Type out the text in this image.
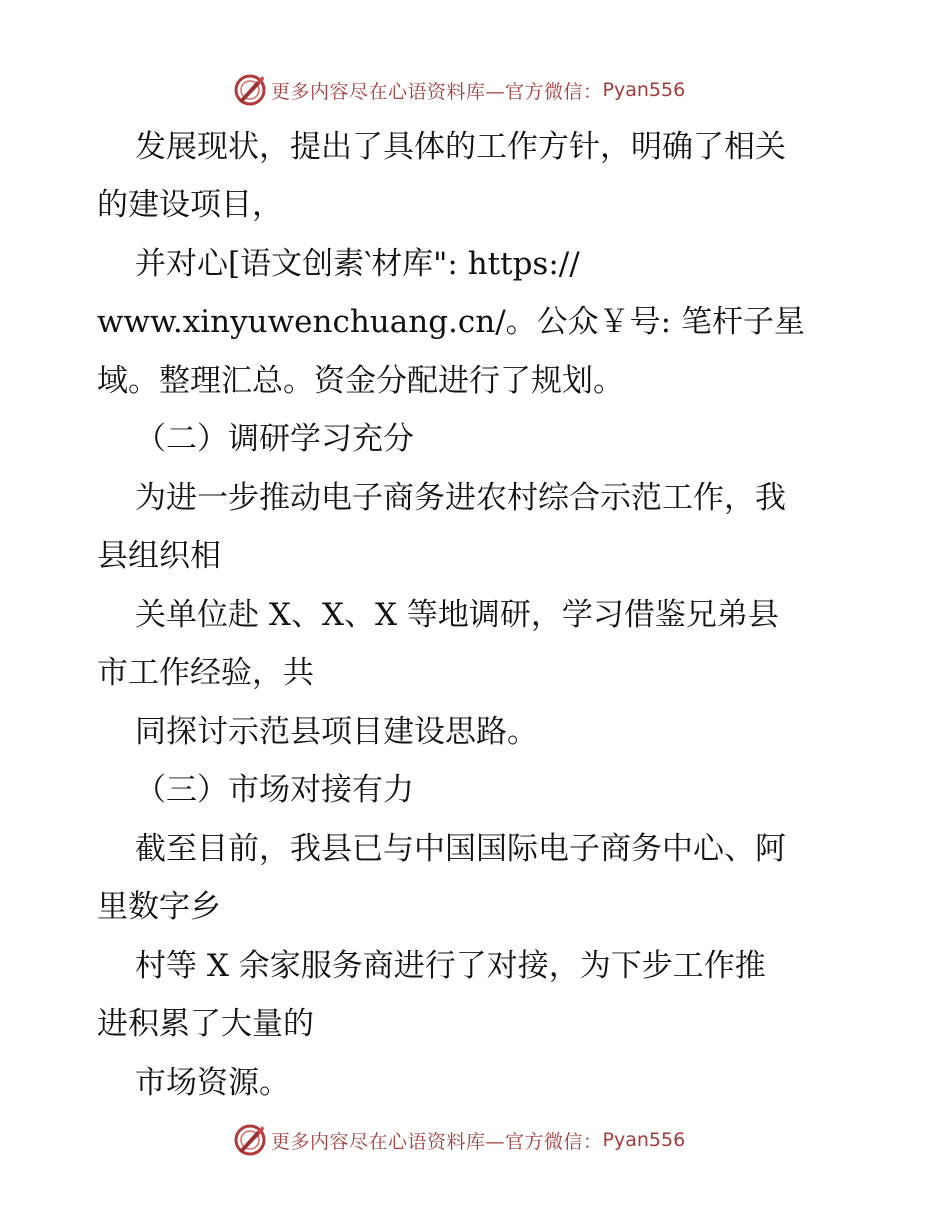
更多内容尽在心语资料库—官方微信： Pyan556
发展现状，提出了具体的工作方针，明确了相关
的建设项目，
并对心[语文创素‵材库": https://
www.xinyuwenchuang.cn/。公众￥号: 笔杆子星
域。整理汇总。资金分配进行了规划。
（二）调研学习充分
为进一步推动电子商务进农村综合示范工作，我
县组织相
关单位赴 X、X、X 等地调研，学习借鉴兄弟县
市工作经验，共
同探讨示范县项目建设思路。
（三）市场对接有力
截至目前，我县已与中国国际电子商务中心、阿
里数字乡
村等 X 余家服务商进行了对接，为下步工作推
进积累了大量的
市场资源。
更多内容尽在心语资料库—官方微信： Pyan556
